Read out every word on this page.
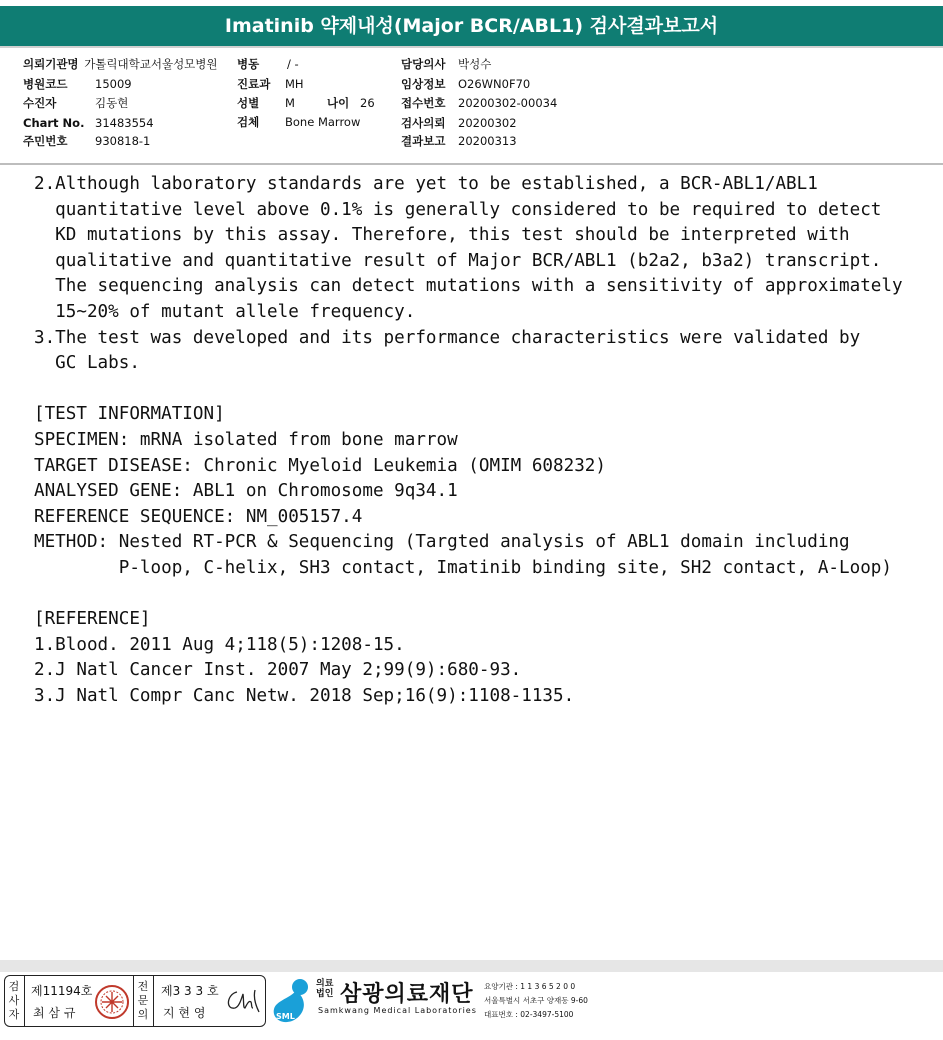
Imatinib 약제내성(Major BCR/ABL1) 검사결과보고서
의뢰기관명 가톨릭대학교서울성모병원
병원코드 15009
수진자	김동현
Chart No. 31483554
주민번호 930818-1
병동 / -
진료과 MH
성별 M	나이 26
검체 Bone Marrow
담당의사 박성수
임상정보 O26WN0F70
접수번호 20200302-00034
검사의뢰 20200302
결과보고 20200313
2.Although laboratory standards are yet to be established, a BCR-ABL1/ABL1
quantitative level above 0.1% is generally considered to be required to detect
KD mutations by this assay. Therefore, this test should be interpreted with
qualitative and quantitative result of Major BCR/ABL1 (b2a2, b3a2) transcript.
The sequencing analysis can detect mutations with a sensitivity of approximately
15~20% of mutant allele frequency.
3.The test was developed and its performance characteristics were validated by
GC Labs.
[TEST INFORMATION]
SPECIMEN: mRNA isolated from bone marrow
TARGET DISEASE: Chronic Myeloid Leukemia (OMIM 608232)
ANALYSED GENE: ABL1 on Chromosome 9q34.1
REFERENCE SEQUENCE: NM_005157.4
METHOD: Nested RT-PCR & Sequencing (Targted analysis of ABL1 domain including
P-loop, C-helix, SH3 contact, Imatinib binding site, SH2 contact, A-Loop)
[REFERENCE]
1.Blood. 2011 Aug 4;118(5):1208-15.
2.J Natl Cancer Inst. 2007 May 2;99(9):680-93.
3.J Natl Compr Canc Netw. 2018 Sep;16(9):1108-1135.
검
사
자
제11194호
최 삼 규
전
문
의
제3 3 3 호
지 현 영	SML
의료
법인 삼광의료재단
Samkwang Medical Laboratories
요양기관 : 1 1 3 6 5 2 0 0
서울특별시 서초구 양재동 9-60
대표번호 : 02-3497-5100
